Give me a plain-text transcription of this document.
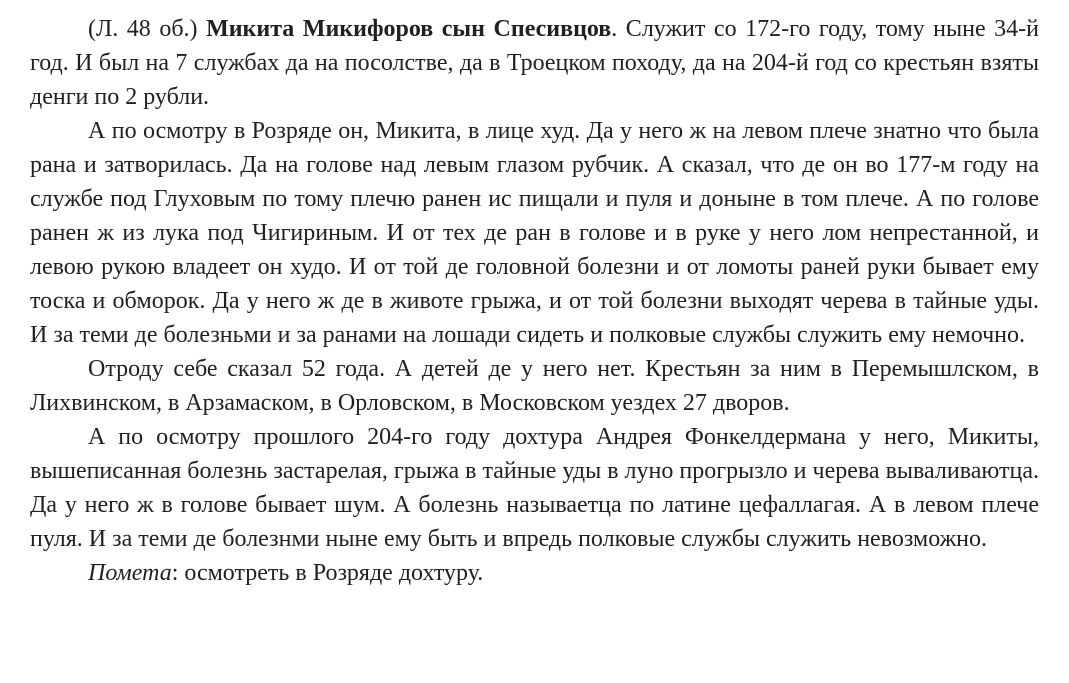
(Л. 48 об.) Микита Микифоров сын Спесивцов. Служит со 172-го году, тому ныне 34-й год. И был на 7 службах да на посолстве, да в Троецком походу, да на 204-й год со крестьян взяты денги по 2 рубли.

А по осмотру в Розряде он, Микита, в лице худ. Да у него ж на левом плече знатно что была рана и затворилась. Да на голове над левым глазом рубчик. А сказал, что де он во 177-м году на службе под Глуховым по тому плечю ранен ис пищали и пуля и доныне в том плече. А по голове ранен ж из лука под Чигириным. И от тех де ран в голове и в руке у него лом непрестанной, и левою рукою владеет он худо. И от той де головной болезни и от ломоты раней руки бывает ему тоска и обморок. Да у него ж де в животе грыжа, и от той болезни выходят черева в тайные уды. И за теми де болезньми и за ранами на лошади сидеть и полковые службы служить ему немочно.

Отроду себе сказал 52 года. А детей де у него нет. Крестьян за ним в Перемышлском, в Лихвинском, в Арзамаском, в Орловском, в Московском уездех 27 дворов.

А по осмотру прошлого 204-го году дохтура Андрея Фонкелдермана у него, Микиты, вышеписанная болезнь застарелая, грыжа в тайные уды в луно прогрызло и черева вываливаютца. Да у него ж в голове бывает шум. А болезнь называетца по латине цефаллагая. А в левом плече пуля. И за теми де болезнми ныне ему быть и впредь полковые службы служить невозможно.

Помета: осмотреть в Розряде дохтуру.
